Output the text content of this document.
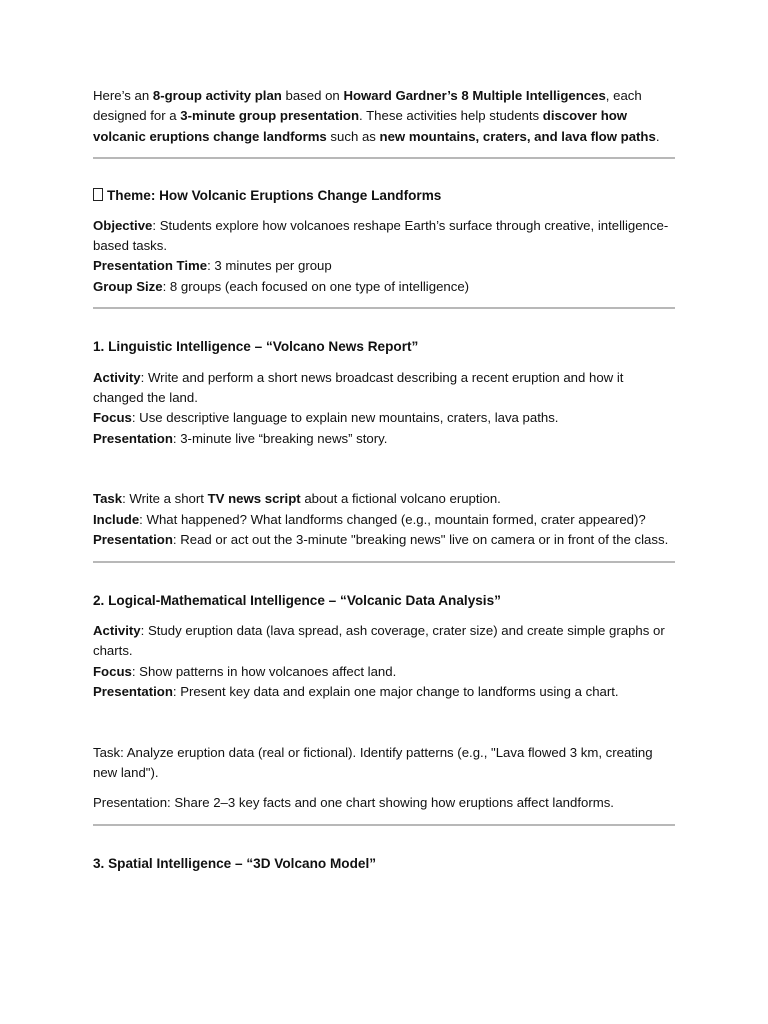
Here’s an 8-group activity plan based on Howard Gardner’s 8 Multiple Intelligences, each designed for a 3-minute group presentation. These activities help students discover how volcanic eruptions change landforms such as new mountains, craters, and lava flow paths.

Theme: How Volcanic Eruptions Change Landforms

Objective: Students explore how volcanoes reshape Earth’s surface through creative, intelligence-based tasks.

Presentation Time: 3 minutes per group

Group Size: 8 groups (each focused on one type of intelligence)

1. Linguistic Intelligence – “Volcano News Report”

Activity: Write and perform a short news broadcast describing a recent eruption and how it changed the land.

Focus: Use descriptive language to explain new mountains, craters, lava paths.

Presentation: 3-minute live “breaking news” story.

Task: Write a short TV news script about a fictional volcano eruption.

Include: What happened? What landforms changed (e.g., mountain formed, crater appeared)?

Presentation: Read or act out the 3-minute "breaking news" live on camera or in front of the class.

2. Logical-Mathematical Intelligence – “Volcanic Data Analysis”

Activity: Study eruption data (lava spread, ash coverage, crater size) and create simple graphs or charts.

Focus: Show patterns in how volcanoes affect land.

Presentation: Present key data and explain one major change to landforms using a chart.

Task: Analyze eruption data (real or fictional). Identify patterns (e.g., "Lava flowed 3 km, creating new land").

Presentation: Share 2–3 key facts and one chart showing how eruptions affect landforms.

3. Spatial Intelligence – “3D Volcano Model”
